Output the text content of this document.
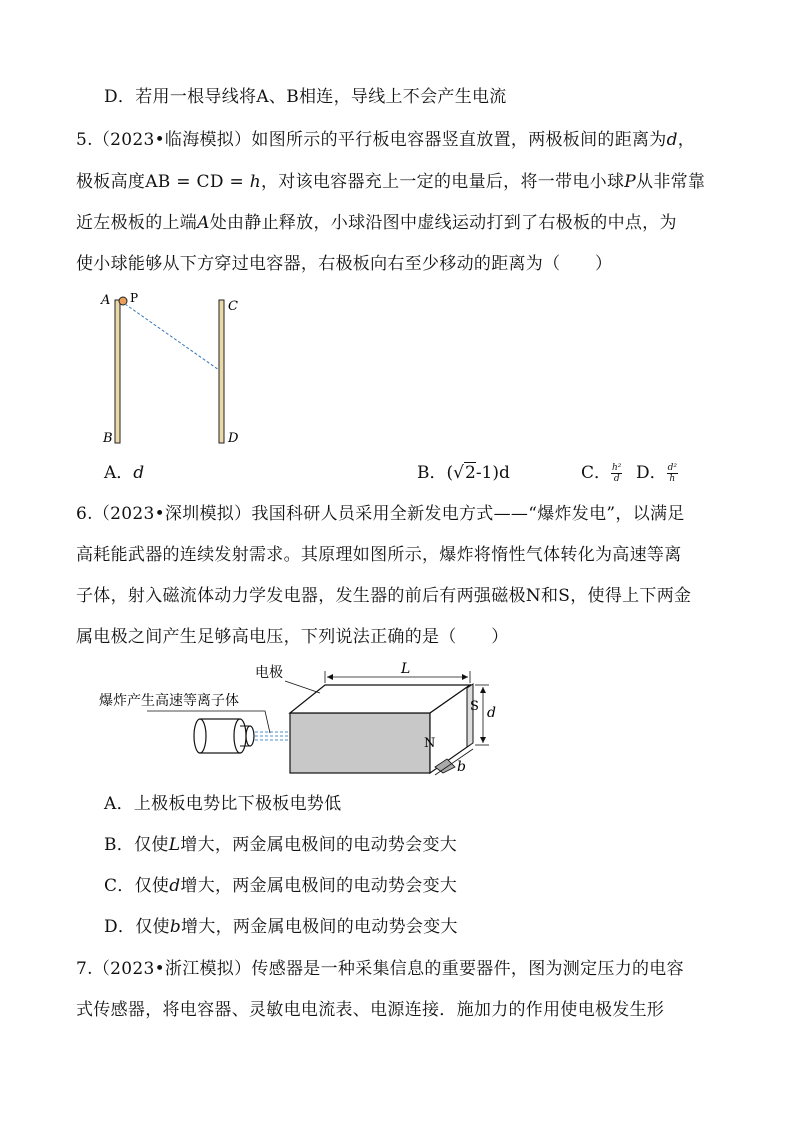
D．若用一根导线将A、B相连，导线上不会产生电流
5.（2023•临海模拟）如图所示的平行板电容器竖直放置，两极板间的距离为d，
极板高度AB = CD = h，对该电容器充上一定的电量后，将一带电小球P从非常靠
近左极板的上端A处由静止释放，小球沿图中虚线运动打到了右极板的中点，为
使小球能够从下方穿过电容器，右极板向右至少移动的距离为（　　）
A P
B
C
D
A．d	B．(√2-1)d	C． $\frac{\text{h²}}{d}$ D． $\frac{\text{d²}}{h}$
6.（2023•深圳模拟）我国科研人员采用全新发电方式——“爆炸发电”，以满足
高耗能武器的连续发射需求。其原理如图所示，爆炸将惰性气体转化为高速等离
子体，射入磁流体动力学发电器，发生器的前后有两强磁极N和S，使得上下两金
属电极之间产生足够高电压，下列说法正确的是（　　）
L
d
b
S
N
电极
爆炸产生高速等离子体
A．上极板电势比下极板电势低
B．仅使L增大，两金属电极间的电动势会变大
C．仅使d增大，两金属电极间的电动势会变大
D．仅使b增大，两金属电极间的电动势会变大
7.（2023•浙江模拟）传感器是一种采集信息的重要器件，图为测定压力的电容
式传感器，将电容器、灵敏电电流表、电源连接．施加力的作用使电极发生形
